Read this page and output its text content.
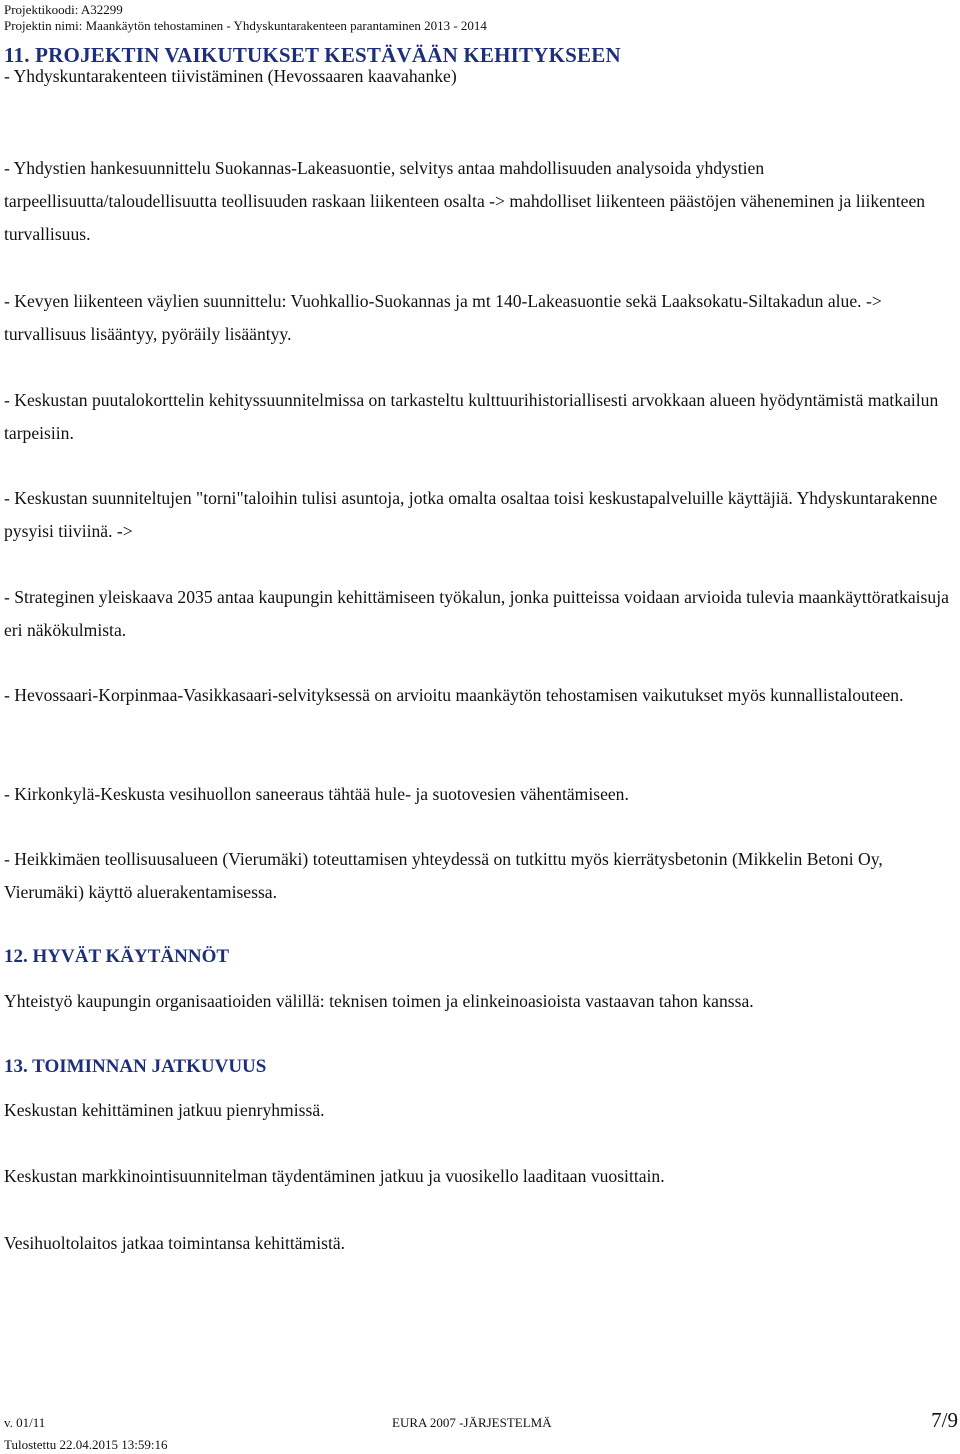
Projektikoodi: A32299
Projektin nimi: Maankäytön tehostaminen - Yhdyskuntarakenteen parantaminen 2013 - 2014
11. PROJEKTIN VAIKUTUKSET KESTÄVÄÄN KEHITYKSEEN

- Yhdyskuntarakenteen tiivistäminen (Hevossaaren kaavahanke)

- Yhdystien hankesuunnittelu Suokannas-Lakeasuontie, selvitys antaa mahdollisuuden analysoida yhdystien tarpeellisuutta/taloudellisuutta teollisuuden raskaan liikenteen osalta -> mahdolliset liikenteen päästöjen väheneminen ja liikenteen turvallisuus.

- Kevyen liikenteen väylien suunnittelu: Vuohkallio-Suokannas ja mt 140-Lakeasuontie sekä Laaksokatu-Siltakadun alue. -> turvallisuus lisääntyy, pyöräily lisääntyy.

- Keskustan puutalokorttelin kehityssuunnitelmissa on tarkasteltu kulttuurihistoriallisesti arvokkaan alueen hyödyntämistä matkailun tarpeisiin.

- Keskustan suunniteltujen "torni"taloihin tulisi asuntoja, jotka omalta osaltaa toisi keskustapalveluille käyttäjiä. Yhdyskuntarakenne pysyisi tiiviinä. ->

- Strateginen yleiskaava 2035 antaa kaupungin kehittämiseen työkalun, jonka puitteissa voidaan arvioida tulevia maankäyttöratkaisuja eri näkökulmista.

- Hevossaari-Korpinmaa-Vasikkasaari-selvityksessä on arvioitu maankäytön tehostamisen vaikutukset myös kunnallistalouteen.

- Kirkonkylä-Keskusta vesihuollon saneeraus tähtää hule- ja suotovesien vähentämiseen.

- Heikkimäen teollisuusalueen (Vierumäki) toteuttamisen yhteydessä on tutkittu myös kierrätysbetonin (Mikkelin Betoni Oy, Vierumäki) käyttö aluerakentamisessa.

12. HYVÄT KÄYTÄNNÖT

Yhteistyö kaupungin organisaatioiden välillä: teknisen toimen ja elinkeinoasioista vastaavan tahon kanssa.

13. TOIMINNAN JATKUVUUS

Keskustan kehittäminen jatkuu pienryhmissä.

Keskustan markkinointisuunnitelman täydentäminen jatkuu ja vuosikello laaditaan vuosittain.

Vesihuoltolaitos jatkaa toimintansa kehittämistä.

v. 01/11	EURA 2007 -JÄRJESTELMÄ	7/9
Tulostettu 22.04.2015 13:59:16
